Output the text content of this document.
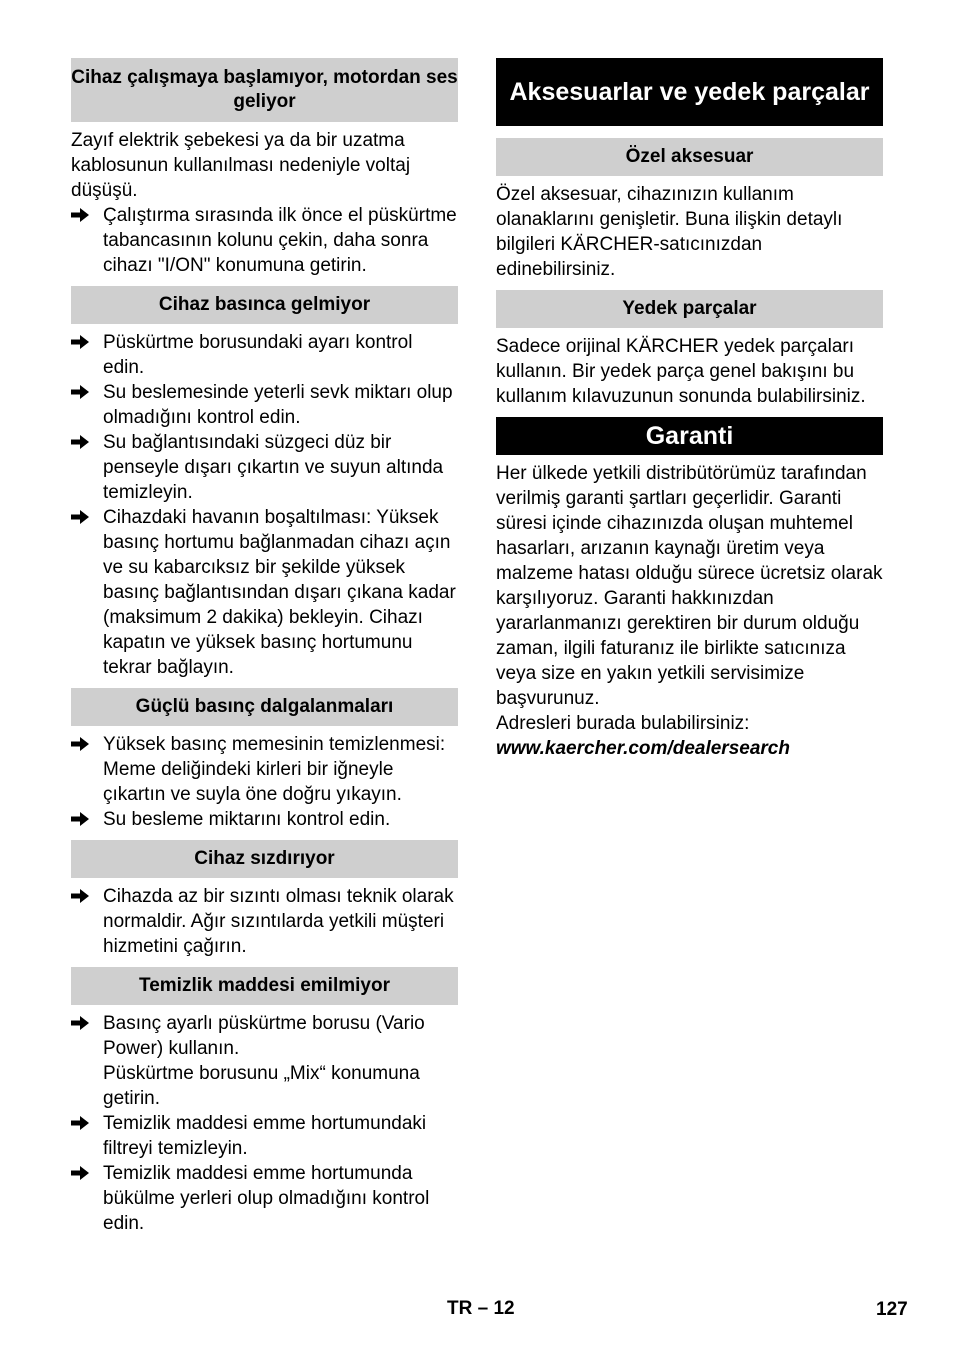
Cihaz çalışmaya başlamıyor, motordan ses geliyor

Zayıf elektrik şebekesi ya da bir uzatma kablosunun kullanılması nedeniyle voltaj düşüşü.

Çalıştırma sırasında ilk önce el püskürtme tabancasının kolunu çekin, daha sonra cihazı "I/ON" konumuna getirin.
Cihaz basınca gelmiyor
Püskürtme borusundaki ayarı kontrol edin.
Su beslemesinde yeterli sevk miktarı olup olmadığını kontrol edin.
Su bağlantısındaki süzgeci düz bir penseyle dışarı çıkartın ve suyun altında temizleyin.
Cihazdaki havanın boşaltılması: Yüksek basınç hortumu bağlanmadan cihazı açın ve su kabarcıksız bir şekilde yüksek basınç bağlantısından dışarı çıkana kadar (maksimum 2 dakika) bekleyin. Cihazı kapatın ve yüksek basınç hortumunu tekrar bağlayın.
Güçlü basınç dalgalanmaları
Yüksek basınç memesinin temizlenmesi: Meme deliğindeki kirleri bir iğneyle çıkartın ve suyla öne doğru yıkayın.
Su besleme miktarını kontrol edin.
Cihaz sızdırıyor
Cihazda az bir sızıntı olması teknik olarak normaldir. Ağır sızıntılarda yetkili müşteri hizmetini çağırın.
Temizlik maddesi emilmiyor
Basınç ayarlı püskürtme borusu (Vario Power) kullanın.
Püskürtme borusunu „Mix“ konumuna getirin.
Temizlik maddesi emme hortumundaki filtreyi temizleyin.
Temizlik maddesi emme hortumunda bükülme yerleri olup olmadığını kontrol edin.
Aksesuarlar ve yedek parçalar
Özel aksesuar

Özel aksesuar, cihazınızın kullanım olanaklarını genişletir. Buna ilişkin detaylı bilgileri KÄRCHER-satıcınızdan edinebilirsiniz.

Yedek parçalar

Sadece orijinal KÄRCHER yedek parçaları kullanın. Bir yedek parça genel bakışını bu kullanım kılavuzunun sonunda bulabilirsiniz.

Garanti

Her ülkede yetkili distribütörümüz tarafından verilmiş garanti şartları geçerlidir. Garanti süresi içinde cihazınızda oluşan muhtemel hasarları, arızanın kaynağı üretim veya malzeme hatası olduğu sürece ücretsiz olarak karşılıyoruz. Garanti hakkınızdan yararlanmanızı gerektiren bir durum olduğu zaman, ilgili faturanız ile birlikte satıcınıza veya size en yakın yetkili servisimize başvurunuz.

Adresleri burada bulabilirsiniz:

www.kaercher.com/dealersearch
TR – 12	127
